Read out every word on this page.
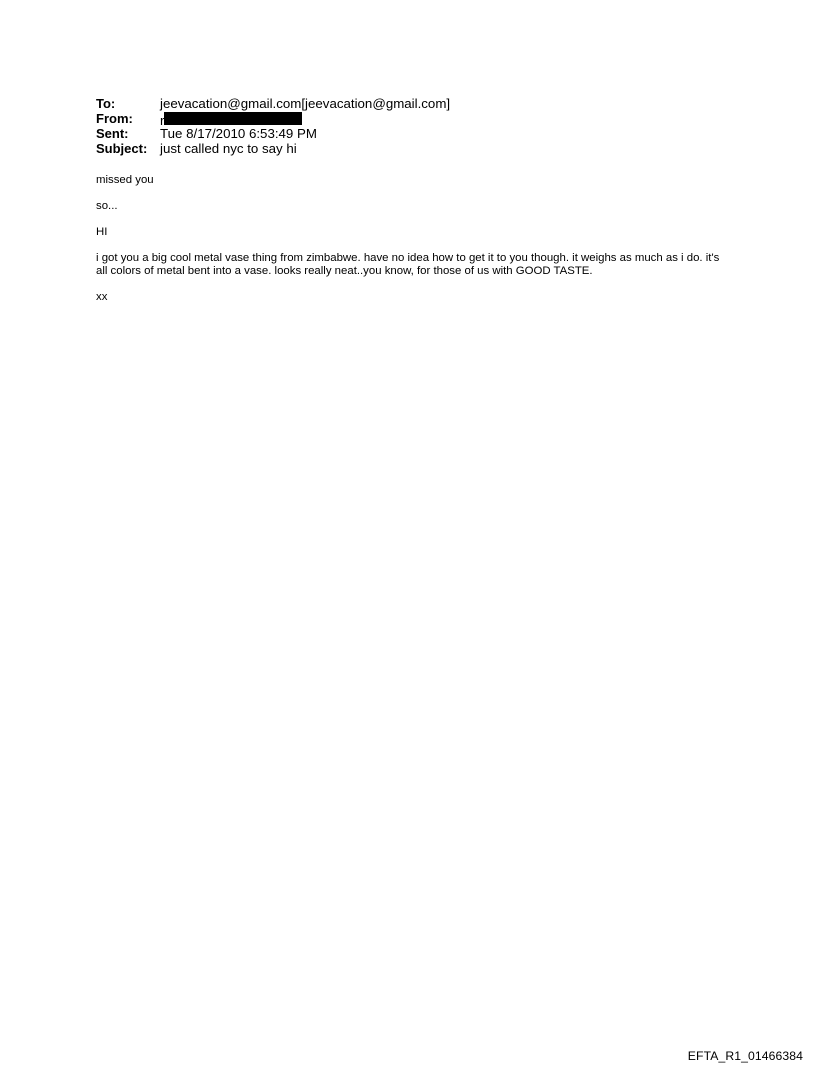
To:	jeevacation@gmail.com[jeevacation@gmail.com]
From:	r
Sent:	Tue 8/17/2010 6:53:49 PM
Subject: just called nyc to say hi

missed you

so...

HI

i got you a big cool metal vase thing from zimbabwe. have no idea how to get it to you though. it weighs as much as i do. it's all colors of metal bent into a vase. looks really neat..you know, for those of us with GOOD TASTE.

xx

EFTA_R1_01466384
